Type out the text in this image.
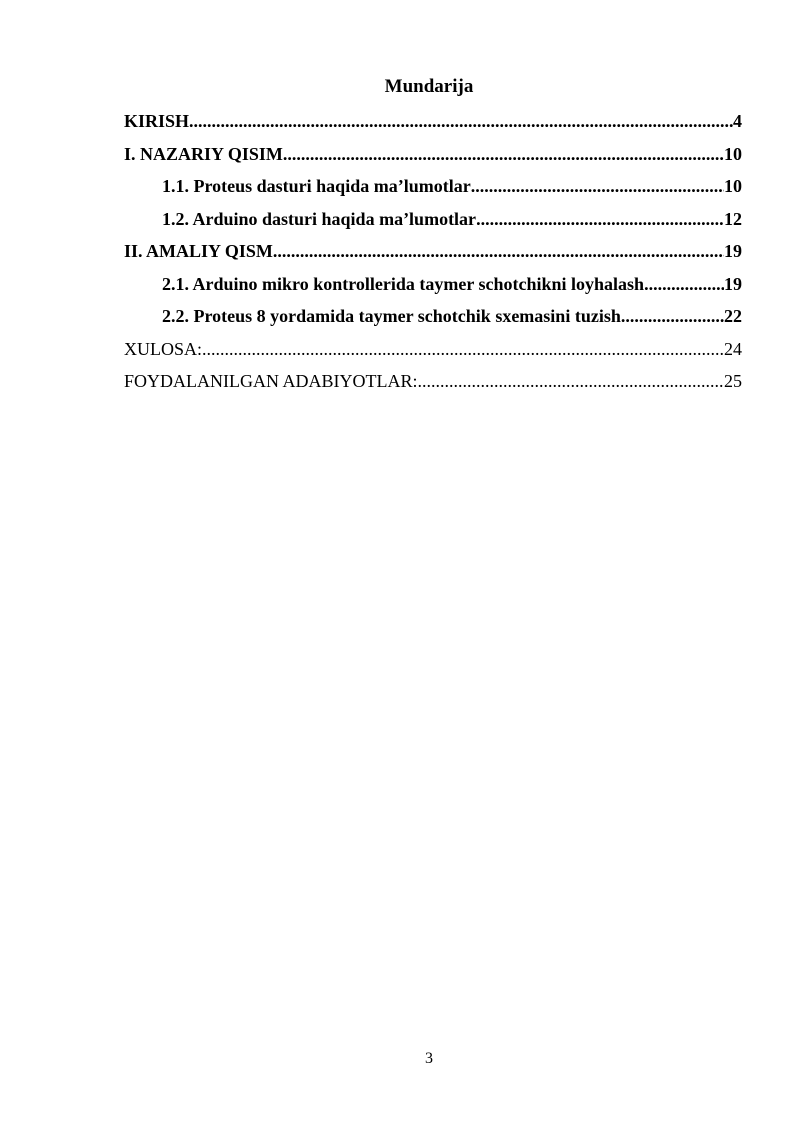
Mundarija
KIRISH .....	4
I. NAZARIY QISIM .....	10
1.1. Proteus dasturi haqida ma’lumotlar .....	10
1.2. Arduino dasturi haqida ma’lumotlar .....	12
II. AMALIY QISM .....	19
2.1. Arduino mikro kontrollerida taymer schotchikni loyhalash .....	19
2.2. Proteus 8 yordamida taymer schotchik sxemasini tuzish .....	22
XULOSA: .....	24
FOYDALANILGAN ADABIYOTLAR: .....	25
3
